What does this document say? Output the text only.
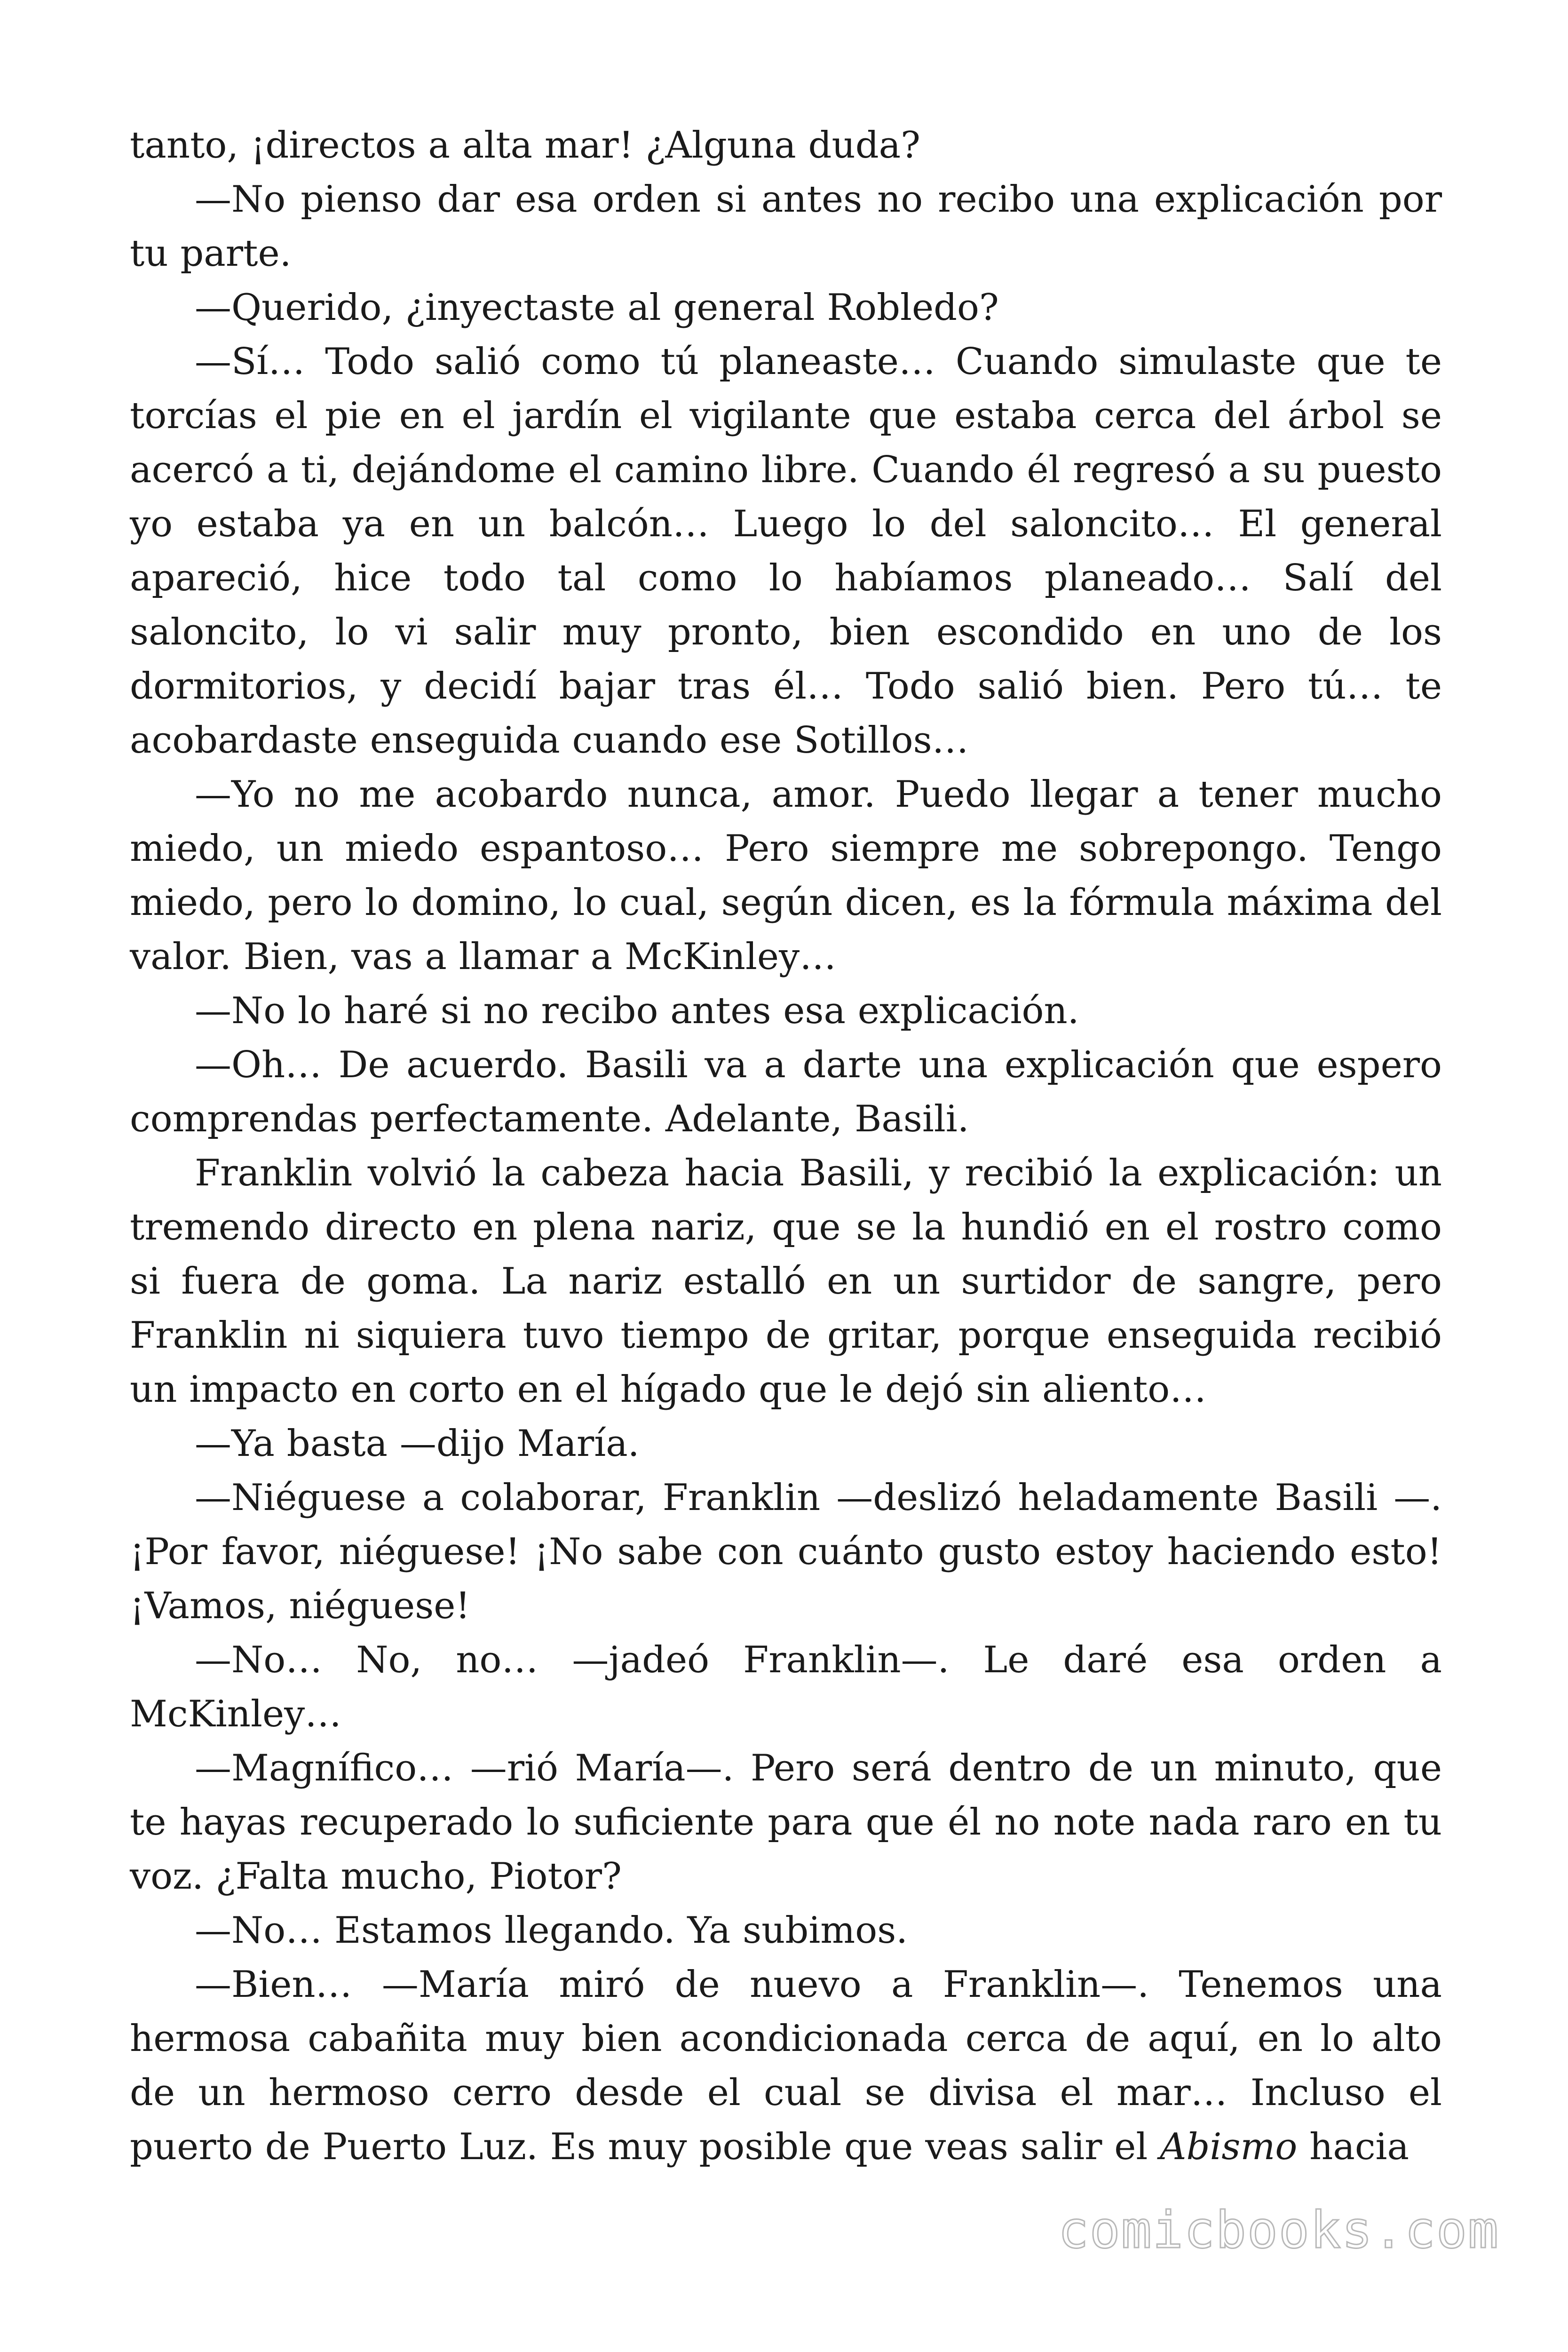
tanto, ¡directos a alta mar! ¿Alguna duda?

—No pienso dar esa orden si antes no recibo una explicación por tu parte.

—Querido, ¿inyectaste al general Robledo?

—Sí… Todo salió como tú planeaste… Cuando simulaste que te torcías el pie en el jardín el vigilante que estaba cerca del árbol se acercó a ti, dejándome el camino libre. Cuando él regresó a su puesto yo estaba ya en un balcón… Luego lo del saloncito… El general apareció, hice todo tal como lo habíamos planeado… Salí del saloncito, lo vi salir muy pronto, bien escondido en uno de los dormitorios, y decidí bajar tras él… Todo salió bien. Pero tú… te acobardaste enseguida cuando ese Sotillos…

—Yo no me acobardo nunca, amor. Puedo llegar a tener mucho miedo, un miedo espantoso… Pero siempre me sobrepongo. Tengo miedo, pero lo domino, lo cual, según dicen, es la fórmula máxima del valor. Bien, vas a llamar a McKinley…

—No lo haré si no recibo antes esa explicación.

—Oh… De acuerdo. Basili va a darte una explicación que espero comprendas perfectamente. Adelante, Basili.

Franklin volvió la cabeza hacia Basili, y recibió la explicación: un tremendo directo en plena nariz, que se la hundió en el rostro como si fuera de goma. La nariz estalló en un surtidor de sangre, pero Franklin ni siquiera tuvo tiempo de gritar, porque enseguida recibió un impacto en corto en el hígado que le dejó sin aliento…

—Ya basta —dijo María.

—Niéguese a colaborar, Franklin —deslizó heladamente Basili —. ¡Por favor, niéguese! ¡No sabe con cuánto gusto estoy haciendo esto! ¡Vamos, niéguese!

—No… No, no… —jadeó Franklin—. Le daré esa orden a McKinley…

—Magnífico… —rió María—. Pero será dentro de un minuto, que te hayas recuperado lo suficiente para que él no note nada raro en tu voz. ¿Falta mucho, Piotor?

—No… Estamos llegando. Ya subimos.

—Bien… —María miró de nuevo a Franklin—. Tenemos una hermosa cabañita muy bien acondicionada cerca de aquí, en lo alto de un hermoso cerro desde el cual se divisa el mar… Incluso el puerto de Puerto Luz. Es muy posible que veas salir el Abismo hacia

comicbooks.com
